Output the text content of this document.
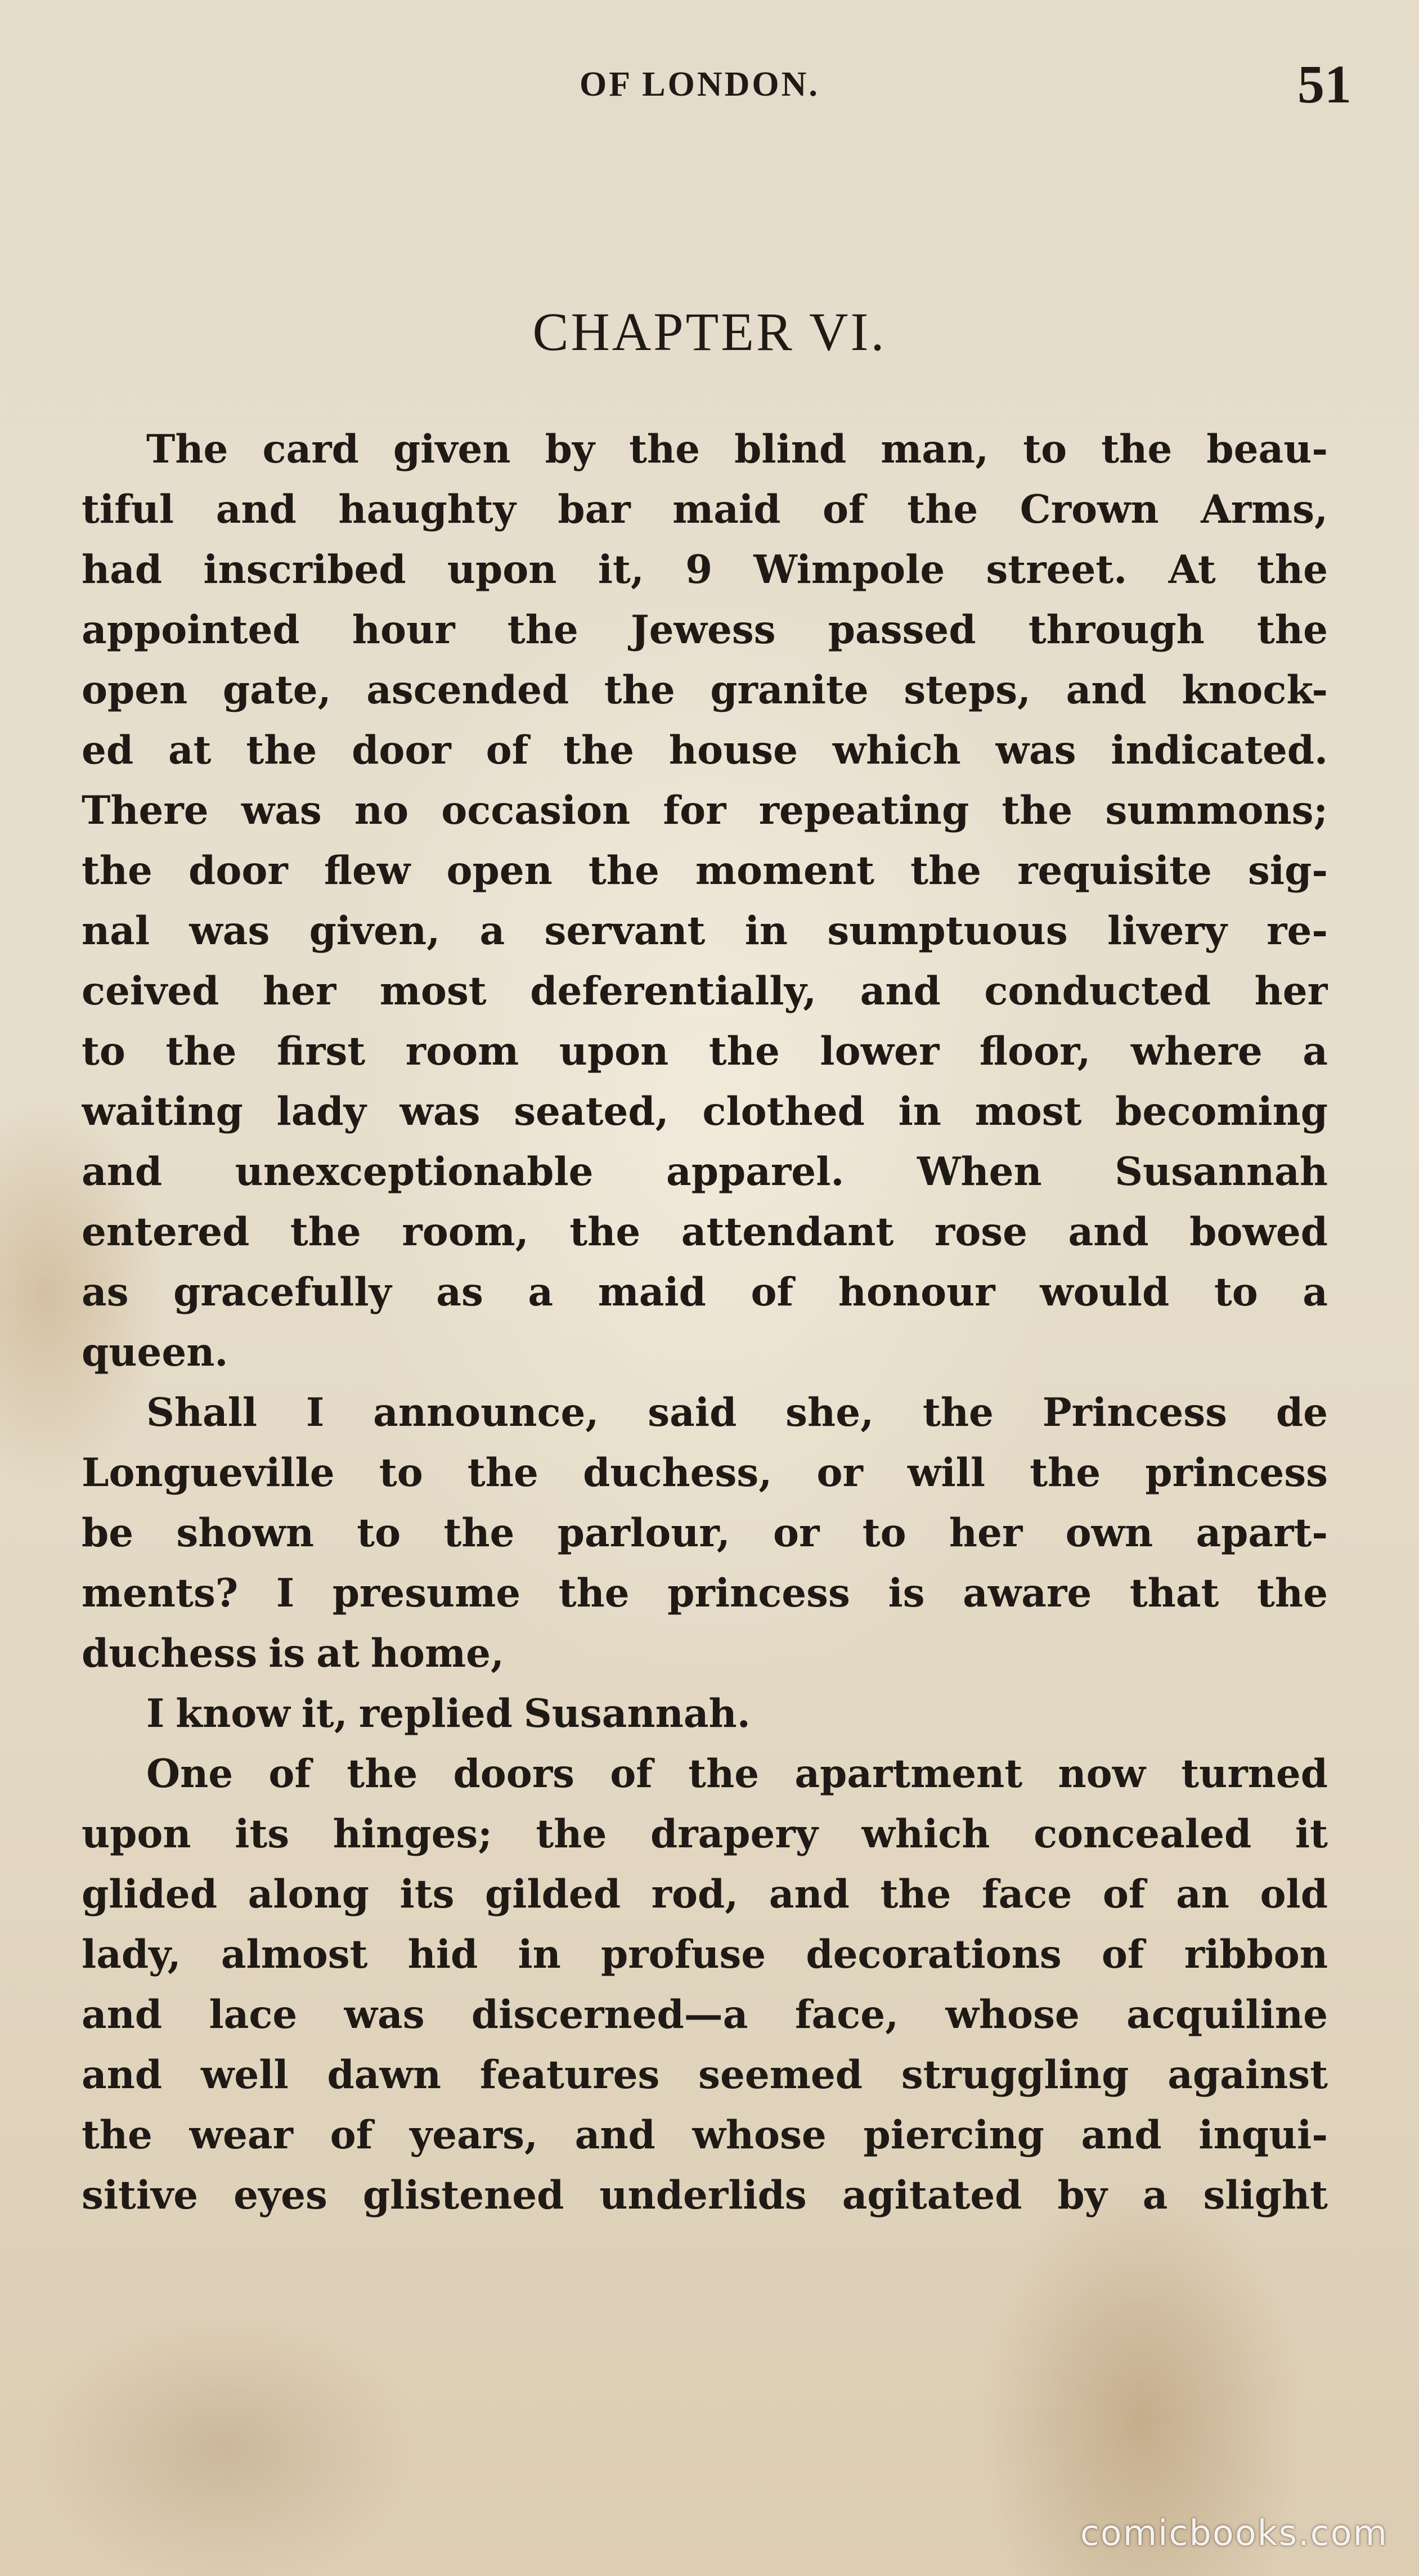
OF LONDON.	51
CHAPTER VI.
The card given by the blind man, to the beau-
tiful and haughty bar maid of the Crown Arms,
had inscribed upon it, 9 Wimpole street. At the
appointed hour the Jewess passed through the
open gate, ascended the granite steps, and knock-
ed at the door of the house which was indicated.
There was no occasion for repeating the summons;
the door flew open the moment the requisite sig-
nal was given, a servant in sumptuous livery re-
ceived her most deferentially, and conducted her
to the first room upon the lower floor, where a
waiting lady was seated, clothed in most becoming
and unexceptionable apparel. When Susannah
entered the room, the attendant rose and bowed
as gracefully as a maid of honour would to a
queen.
Shall I announce, said she, the Princess de
Longueville to the duchess, or will the princess
be shown to the parlour, or to her own apart-
ments? I presume the princess is aware that the
duchess is at home,
I know it, replied Susannah.
One of the doors of the apartment now turned
upon its hinges; the drapery which concealed it
glided along its gilded rod, and the face of an old
lady, almost hid in profuse decorations of ribbon
and lace was discerned—a face, whose acquiline
and well dawn features seemed struggling against
the wear of years, and whose piercing and inqui-
sitive eyes glistened underlids agitated by a slight
comicbooks.com
